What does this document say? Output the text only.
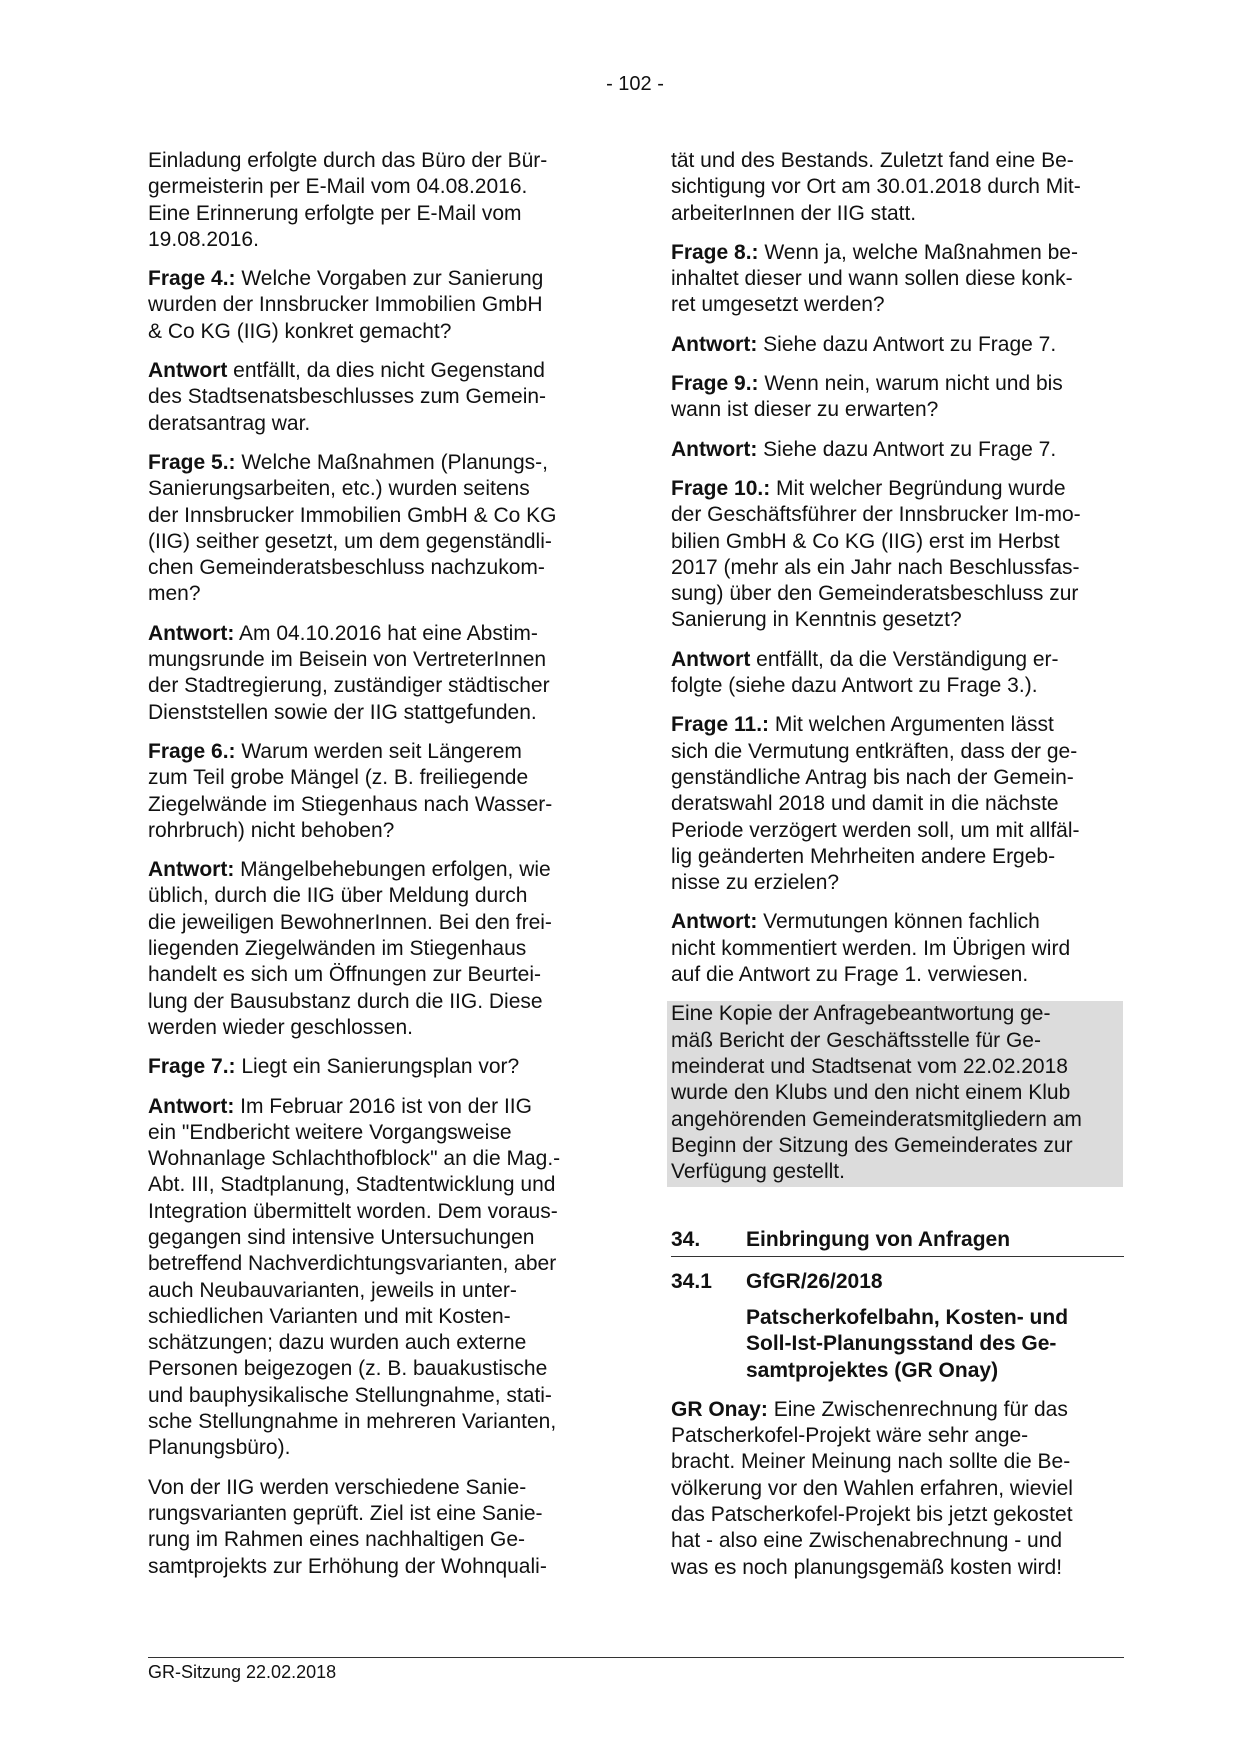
- 102 -

Einladung erfolgte durch das Büro der Bür-
germeisterin per E-Mail vom 04.08.2016.
Eine Erinnerung erfolgte per E-Mail vom
19.08.2016.

Frage 4.: Welche Vorgaben zur Sanierung
wurden der Innsbrucker Immobilien GmbH
& Co KG (IIG) konkret gemacht?

Antwort entfällt, da dies nicht Gegenstand
des Stadtsenatsbeschlusses zum Gemein-
deratsantrag war.

Frage 5.: Welche Maßnahmen (Planungs-,
Sanierungsarbeiten, etc.) wurden seitens
der Innsbrucker Immobilien GmbH & Co KG
(IIG) seither gesetzt, um dem gegenständli-
chen Gemeinderatsbeschluss nachzukom-
men?

Antwort: Am 04.10.2016 hat eine Abstim-
mungsrunde im Beisein von VertreterInnen
der Stadtregierung, zuständiger städtischer
Dienststellen sowie der IIG stattgefunden.

Frage 6.: Warum werden seit Längerem
zum Teil grobe Mängel (z. B. freiliegende
Ziegelwände im Stiegenhaus nach Wasser-
rohrbruch) nicht behoben?

Antwort: Mängelbehebungen erfolgen, wie
üblich, durch die IIG über Meldung durch
die jeweiligen BewohnerInnen. Bei den frei-
liegenden Ziegelwänden im Stiegenhaus
handelt es sich um Öffnungen zur Beurtei-
lung der Bausubstanz durch die IIG. Diese
werden wieder geschlossen.

Frage 7.: Liegt ein Sanierungsplan vor?

Antwort: Im Februar 2016 ist von der IIG
ein "Endbericht weitere Vorgangsweise
Wohnanlage Schlachthofblock" an die Mag.-
Abt. III, Stadtplanung, Stadtentwicklung und
Integration übermittelt worden. Dem voraus-
gegangen sind intensive Untersuchungen
betreffend Nachverdichtungsvarianten, aber
auch Neubauvarianten, jeweils in unter-
schiedlichen Varianten und mit Kosten-
schätzungen; dazu wurden auch externe
Personen beigezogen (z. B. bauakustische
und bauphysikalische Stellungnahme, stati-
sche Stellungnahme in mehreren Varianten,
Planungsbüro).

Von der IIG werden verschiedene Sanie-
rungsvarianten geprüft. Ziel ist eine Sanie-
rung im Rahmen eines nachhaltigen Ge-
samtprojekts zur Erhöhung der Wohnquali-

tät und des Bestands. Zuletzt fand eine Be-
sichtigung vor Ort am 30.01.2018 durch Mit-
arbeiterInnen der IIG statt.

Frage 8.: Wenn ja, welche Maßnahmen be-
inhaltet dieser und wann sollen diese konk-
ret umgesetzt werden?

Antwort: Siehe dazu Antwort zu Frage 7.

Frage 9.: Wenn nein, warum nicht und bis
wann ist dieser zu erwarten?

Antwort: Siehe dazu Antwort zu Frage 7.

Frage 10.: Mit welcher Begründung wurde
der Geschäftsführer der Innsbrucker Im-mo-
bilien GmbH & Co KG (IIG) erst im Herbst
2017 (mehr als ein Jahr nach Beschlussfas-
sung) über den Gemeinderatsbeschluss zur
Sanierung in Kenntnis gesetzt?

Antwort entfällt, da die Verständigung er-
folgte (siehe dazu Antwort zu Frage 3.).

Frage 11.: Mit welchen Argumenten lässt
sich die Vermutung entkräften, dass der ge-
genständliche Antrag bis nach der Gemein-
deratswahl 2018 und damit in die nächste
Periode verzögert werden soll, um mit allfäl-
lig geänderten Mehrheiten andere Ergeb-
nisse zu erzielen?

Antwort: Vermutungen können fachlich
nicht kommentiert werden. Im Übrigen wird
auf die Antwort zu Frage 1. verwiesen.

Eine Kopie der Anfragebeantwortung ge-
mäß Bericht der Geschäftsstelle für Ge-
meinderat und Stadtsenat vom 22.02.2018
wurde den Klubs und den nicht einem Klub
angehörenden Gemeinderatsmitgliedern am
Beginn der Sitzung des Gemeinderates zur
Verfügung gestellt.

34.	Einbringung von Anfragen
34.1	GfGR/26/2018
Patscherkofelbahn, Kosten- und
Soll-Ist-Planungsstand des Ge-
samtprojektes (GR Onay)

GR Onay: Eine Zwischenrechnung für das
Patscherkofel-Projekt wäre sehr ange-
bracht. Meiner Meinung nach sollte die Be-
völkerung vor den Wahlen erfahren, wieviel
das Patscherkofel-Projekt bis jetzt gekostet
hat - also eine Zwischenabrechnung - und
was es noch planungsgemäß kosten wird!

GR-Sitzung 22.02.2018
